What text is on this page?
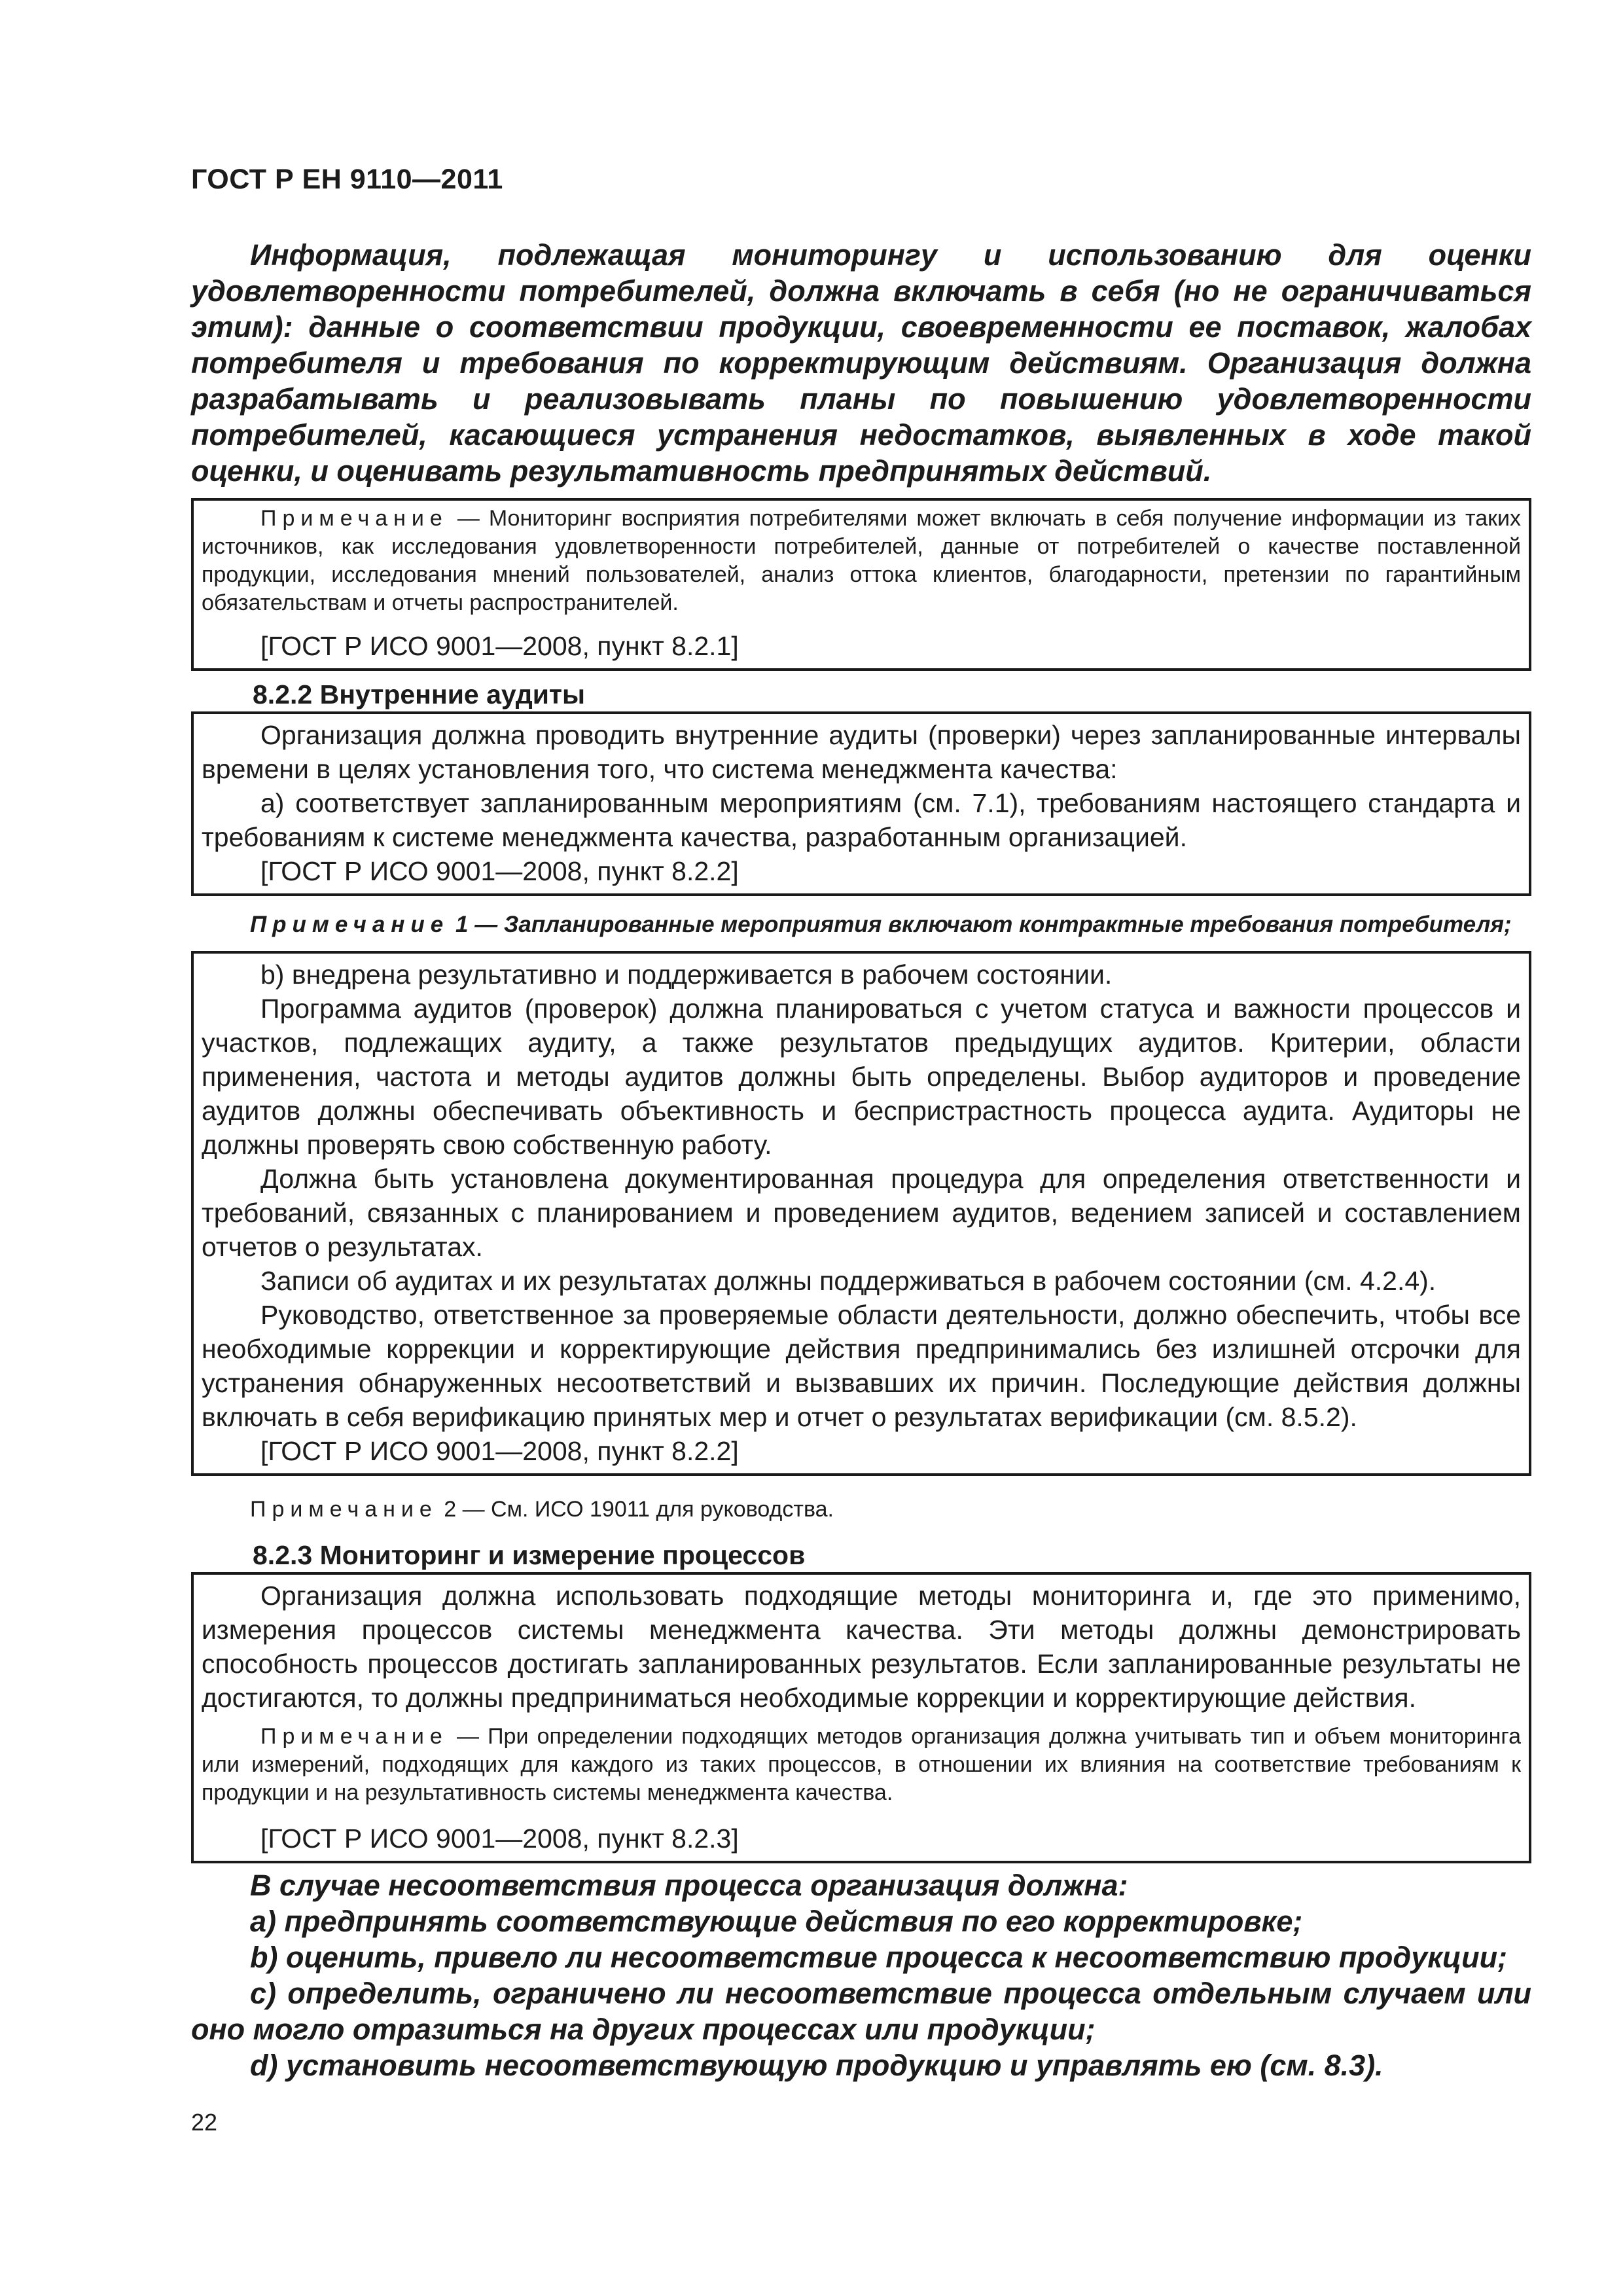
ГОСТ Р ЕН 9110—2011

Информация, подлежащая мониторингу и использованию для оценки удовлетворенности потребителей, должна включать в себя (но не ограничиваться этим): данные о соответствии продукции, своевременности ее поставок, жалобах потребителя и требования по корректирующим действиям. Организация должна разрабатывать и реализовывать планы по повышению удовлетворенности потребителей, касающиеся устранения недостатков, выявленных в ходе такой оценки, и оценивать результативность предпринятых действий.

Примечание — Мониторинг восприятия потребителями может включать в себя получение информации из таких источников, как исследования удовлетворенности потребителей, данные от потребителей о качестве поставленной продукции, исследования мнений пользователей, анализ оттока клиентов, благодарности, претензии по гарантийным обязательствам и отчеты распространителей.

[ГОСТ Р ИСО 9001—2008, пункт 8.2.1]

8.2.2 Внутренние аудиты

Организация должна проводить внутренние аудиты (проверки) через запланированные интервалы времени в целях установления того, что система менеджмента качества:

a) соответствует запланированным мероприятиям (см. 7.1), требованиям настоящего стандарта и требованиям к системе менеджмента качества, разработанным организацией.

[ГОСТ Р ИСО 9001—2008, пункт 8.2.2]

Примечание 1 — Запланированные мероприятия включают контрактные требования потребителя;

b) внедрена результативно и поддерживается в рабочем состоянии.

Программа аудитов (проверок) должна планироваться с учетом статуса и важности процессов и участков, подлежащих аудиту, а также результатов предыдущих аудитов. Критерии, области применения, частота и методы аудитов должны быть определены. Выбор аудиторов и проведение аудитов должны обеспечивать объективность и беспристрастность процесса аудита. Аудиторы не должны проверять свою собственную работу.

Должна быть установлена документированная процедура для определения ответственности и требований, связанных с планированием и проведением аудитов, ведением записей и составлением отчетов о результатах.

Записи об аудитах и их результатах должны поддерживаться в рабочем состоянии (см. 4.2.4).

Руководство, ответственное за проверяемые области деятельности, должно обеспечить, чтобы все необходимые коррекции и корректирующие действия предпринимались без излишней отсрочки для устранения обнаруженных несоответствий и вызвавших их причин. Последующие действия должны включать в себя верификацию принятых мер и отчет о результатах верификации (см. 8.5.2).

[ГОСТ Р ИСО 9001—2008, пункт 8.2.2]

Примечание 2 — См. ИСО 19011 для руководства.

8.2.3 Мониторинг и измерение процессов

Организация должна использовать подходящие методы мониторинга и, где это применимо, измерения процессов системы менеджмента качества. Эти методы должны демонстрировать способность процессов достигать запланированных результатов. Если запланированные результаты не достигаются, то должны предприниматься необходимые коррекции и корректирующие действия.

Примечание — При определении подходящих методов организация должна учитывать тип и объем мониторинга или измерений, подходящих для каждого из таких процессов, в отношении их влияния на соответствие требованиям к продукции и на результативность системы менеджмента качества.

[ГОСТ Р ИСО 9001—2008, пункт 8.2.3]

В случае несоответствия процесса организация должна:

a) предпринять соответствующие действия по его корректировке;

b) оценить, привело ли несоответствие процесса к несоответствию продукции;

c) определить, ограничено ли несоответствие процесса отдельным случаем или оно могло отразиться на других процессах или продукции;

d) установить несоответствующую продукцию и управлять ею (см. 8.3).

22
